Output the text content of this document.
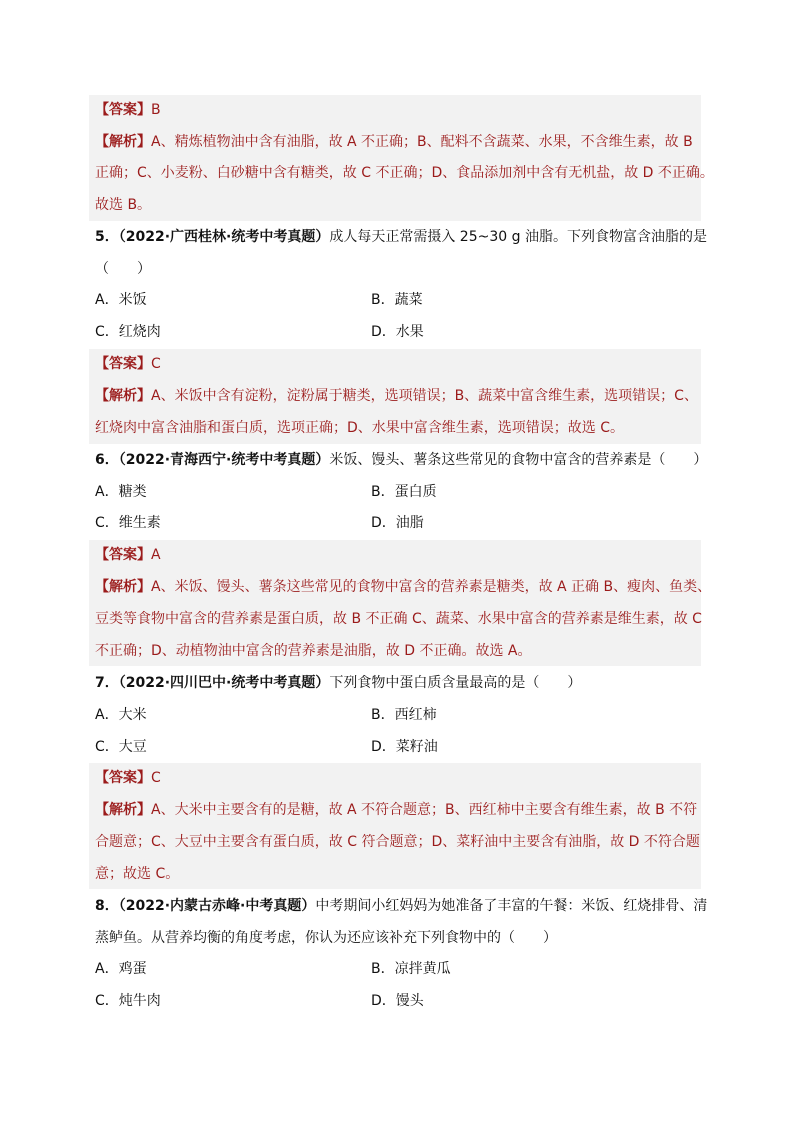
【答案】B
【解析】A、精炼植物油中含有油脂，故 A 不正确；B、配料不含蔬菜、水果，不含维生素，故 B
正确；C、小麦粉、白砂糖中含有糖类，故 C 不正确；D、食品添加剂中含有无机盐，故 D 不正确。
故选 B。
5．（2022·广西桂林·统考中考真题）成人每天正常需摄入 25~30 g 油脂。下列食物富含油脂的是
（　　）
A．米饭	B．蔬菜
C．红烧肉	D．水果
【答案】C
【解析】A、米饭中含有淀粉，淀粉属于糖类，选项错误；B、蔬菜中富含维生素，选项错误；C、
红烧肉中富含油脂和蛋白质，选项正确；D、水果中富含维生素，选项错误；故选 C。
6．（2022·青海西宁·统考中考真题）米饭、馒头、薯条这些常见的食物中富含的营养素是（　　）
A．糖类	B．蛋白质
C．维生素	D．油脂
【答案】A
【解析】A、米饭、馒头、薯条这些常见的食物中富含的营养素是糖类，故 A 正确 B、瘦肉、鱼类、
豆类等食物中富含的营养素是蛋白质，故 B 不正确 C、蔬菜、水果中富含的营养素是维生素，故 C
不正确；D、动植物油中富含的营养素是油脂，故 D 不正确。故选 A。
7．（2022·四川巴中·统考中考真题）下列食物中蛋白质含量最高的是（　　）
A．大米	B．西红柿
C．大豆	D．菜籽油
【答案】C
【解析】A、大米中主要含有的是糖，故 A 不符合题意；B、西红柿中主要含有维生素，故 B 不符
合题意；C、大豆中主要含有蛋白质，故 C 符合题意；D、菜籽油中主要含有油脂，故 D 不符合题
意；故选 C。
8．（2022·内蒙古赤峰·中考真题）中考期间小红妈妈为她准备了丰富的午餐：米饭、红烧排骨、清
蒸鲈鱼。从营养均衡的角度考虑，你认为还应该补充下列食物中的（　　）
A．鸡蛋	B．凉拌黄瓜
C．炖牛肉	D．馒头
